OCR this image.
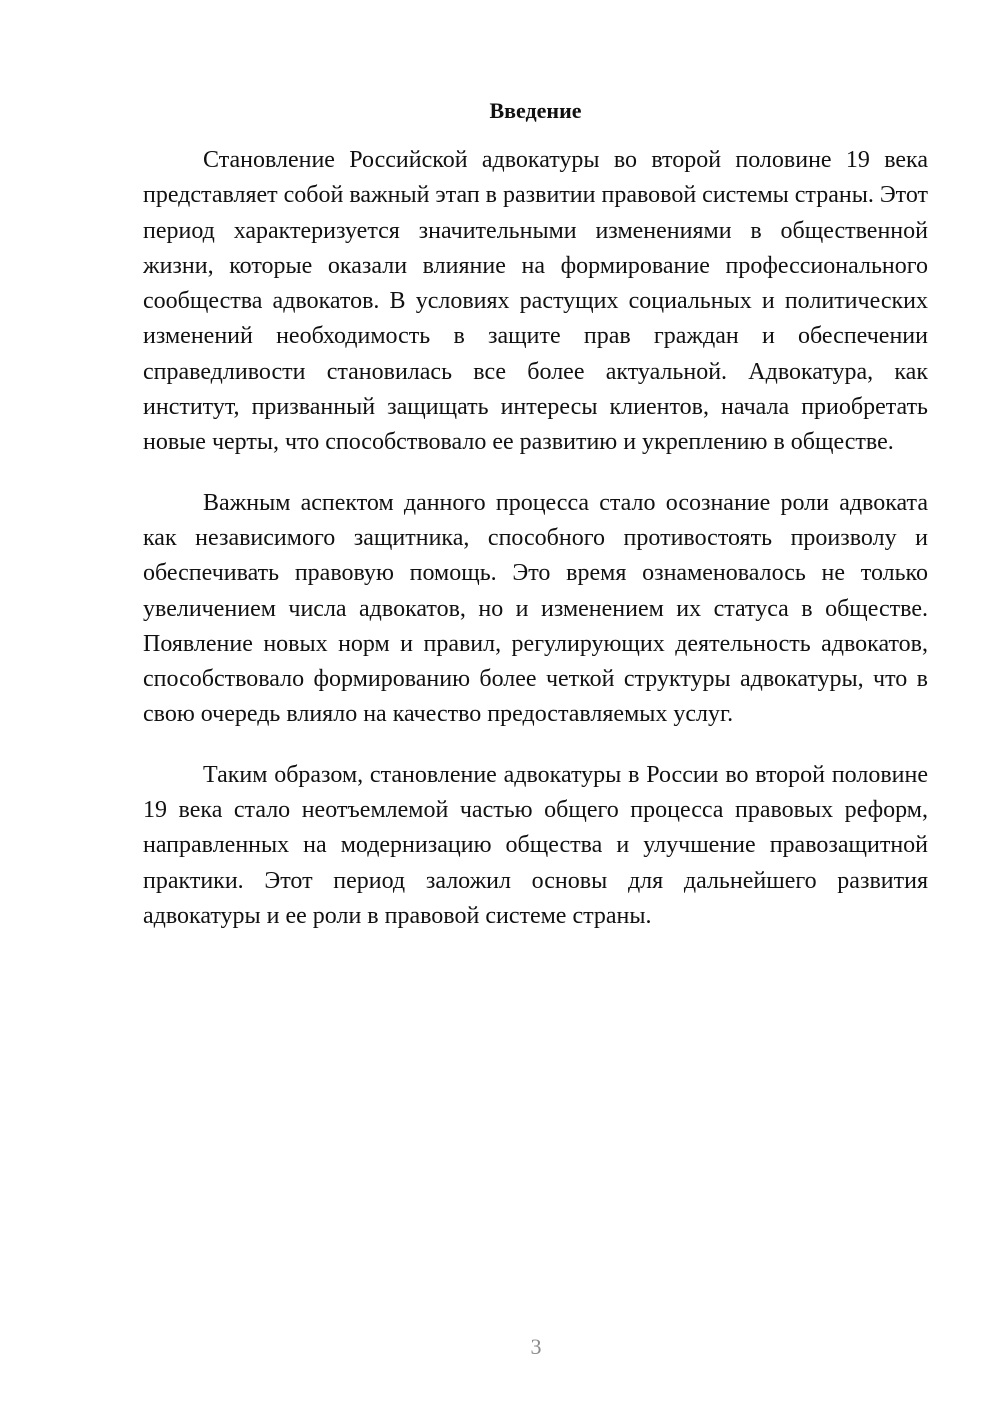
Введение

Становление Российской адвокатуры во второй половине 19 века представляет собой важный этап в развитии правовой системы страны. Этот период характеризуется значительными изменениями в общественной жизни, которые оказали влияние на формирование профессионального сообщества адвокатов. В условиях растущих социальных и политических изменений необходимость в защите прав граждан и обеспечении справедливости становилась все более актуальной. Адвокатура, как институт, призванный защищать интересы клиентов, начала приобретать новые черты, что способствовало ее развитию и укреплению в обществе.

Важным аспектом данного процесса стало осознание роли адвоката как независимого защитника, способного противостоять произволу и обеспечивать правовую помощь. Это время ознаменовалось не только увеличением числа адвокатов, но и изменением их статуса в обществе. Появление новых норм и правил, регулирующих деятельность адвокатов, способствовало формированию более четкой структуры адвокатуры, что в свою очередь влияло на качество предоставляемых услуг.

Таким образом, становление адвокатуры в России во второй половине 19 века стало неотъемлемой частью общего процесса правовых реформ, направленных на модернизацию общества и улучшение правозащитной практики. Этот период заложил основы для дальнейшего развития адвокатуры и ее роли в правовой системе страны.

3
